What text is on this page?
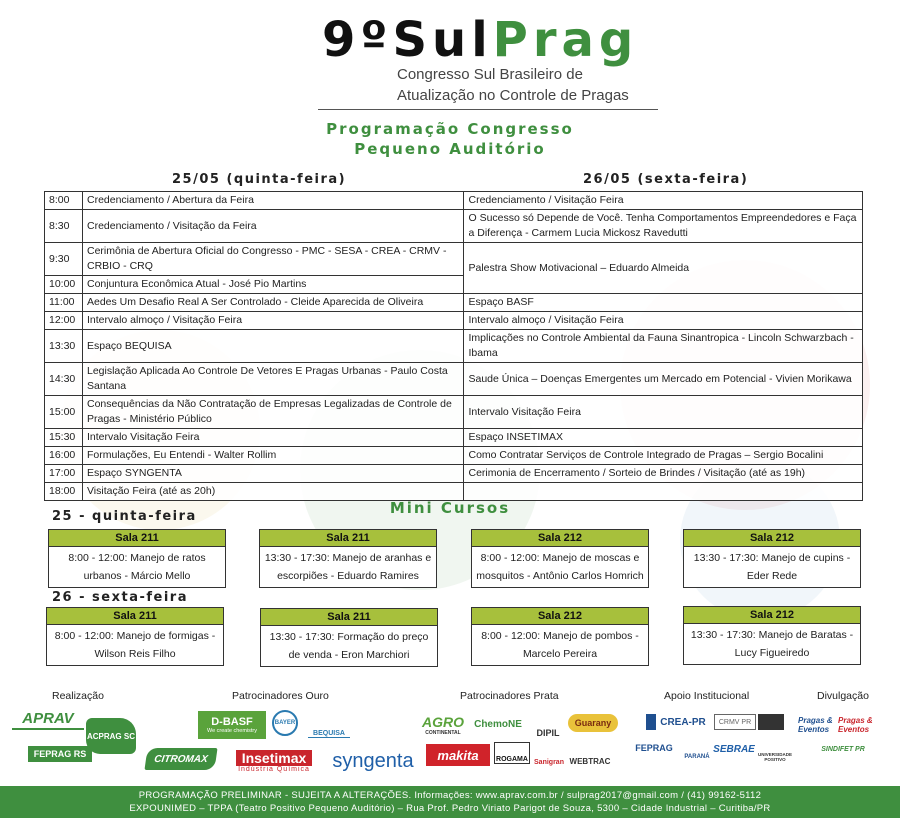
9ºSulPrag
Congresso Sul Brasileiro de
Atualização no Controle de Pragas
Programação Congresso
Pequeno Auditório
25/05 (quinta-feira)	26/05 (sexta-feira)
8:00	Credenciamento / Abertura da Feira	Credenciamento / Visitação Feira
8:30	Credenciamento / Visitação da Feira	O Sucesso só Depende de Você. Tenha Comportamentos Empreendedores e Faça a Diferença - Carmem Lucia Mickosz Ravedutti
9:30	Cerimônia de Abertura Oficial do Congresso - PMC - SESA - CREA - CRMV - CRBIO - CRQ	Palestra Show Motivacional – Eduardo Almeida
10:00	Conjuntura Econômica Atual - José Pio Martins	
11:00	Aedes Um Desafio Real A Ser Controlado - Cleide Aparecida de Oliveira	Espaço BASF
12:00	Intervalo almoço / Visitação Feira	Intervalo almoço / Visitação Feira
13:30	Espaço BEQUISA	Implicações no Controle Ambiental da Fauna Sinantropica - Lincoln Schwarzbach - Ibama
14:30	Legislação Aplicada Ao Controle De Vetores E Pragas Urbanas - Paulo Costa Santana	Saude Única – Doenças Emergentes um Mercado em Potencial - Vivien Morikawa
15:00	Consequências da Não Contratação de Empresas Legalizadas de Controle de Pragas - Ministério Público	Intervalo Visitação Feira
15:30	Intervalo Visitação Feira	Espaço INSETIMAX
16:00	Formulações, Eu Entendi - Walter Rollim	Como Contratar Serviços de Controle Integrado de Pragas – Sergio Bocalini
17:00	Espaço SYNGENTA	Cerimonia de Encerramento / Sorteio de Brindes / Visitação (até as 19h)
18:00	Visitação Feira (até as 20h)	
Mini Cursos
25 - quinta-feira
26 - sexta-feira
Sala 211
8:00 - 12:00: Manejo de ratos urbanos - Márcio Mello
Sala 211
13:30 - 17:30: Manejo de aranhas e escorpiões - Eduardo Ramires
Sala 212
8:00 - 12:00: Manejo de moscas e mosquitos - Antônio Carlos Homrich
Sala 212
13:30 - 17:30: Manejo de cupins - Eder Rede
Sala 211
8:00 - 12:00: Manejo de formigas - Wilson Reis Filho
Sala 211
13:30 - 17:30: Formação do preço de venda - Eron Marchiori
Sala 212
8:00 - 12:00: Manejo de pombos - Marcelo Pereira
Sala 212
13:30 - 17:30: Manejo de Baratas - Lucy Figueiredo
Realização	Patrocinadores Ouro	Patrocinadores Prata	Apoio Institucional	Divulgação
APRAV
ACPRAG SC
FEPRAG RS
D-BASF
We create chemistry
BAYER
BEQUISA
CITROMAX	Insetimax
Indústria Química syngenta
AGRO
CONTINENTAL
ChemoNE
DIPIL
Guarany
makita	ROGAMA Sanigran WEBTRAC
CREA-PR	CRMV PR
FEPRAG
PARANÁ
SEBRAE UNIVERSIDADE POSITIVO
Pragas & Eventos
Pragas & Eventos
SINDIFET PR
PROGRAMAÇÃO PRELIMINAR - SUJEITA A ALTERAÇÕES. Informações: www.aprav.com.br / sulprag2017@gmail.com / (41) 99162-5112
EXPOUNIMED – TPPA (Teatro Positivo Pequeno Auditório) – Rua Prof. Pedro Viriato Parigot de Souza, 5300 – Cidade Industrial – Curitiba/PR
